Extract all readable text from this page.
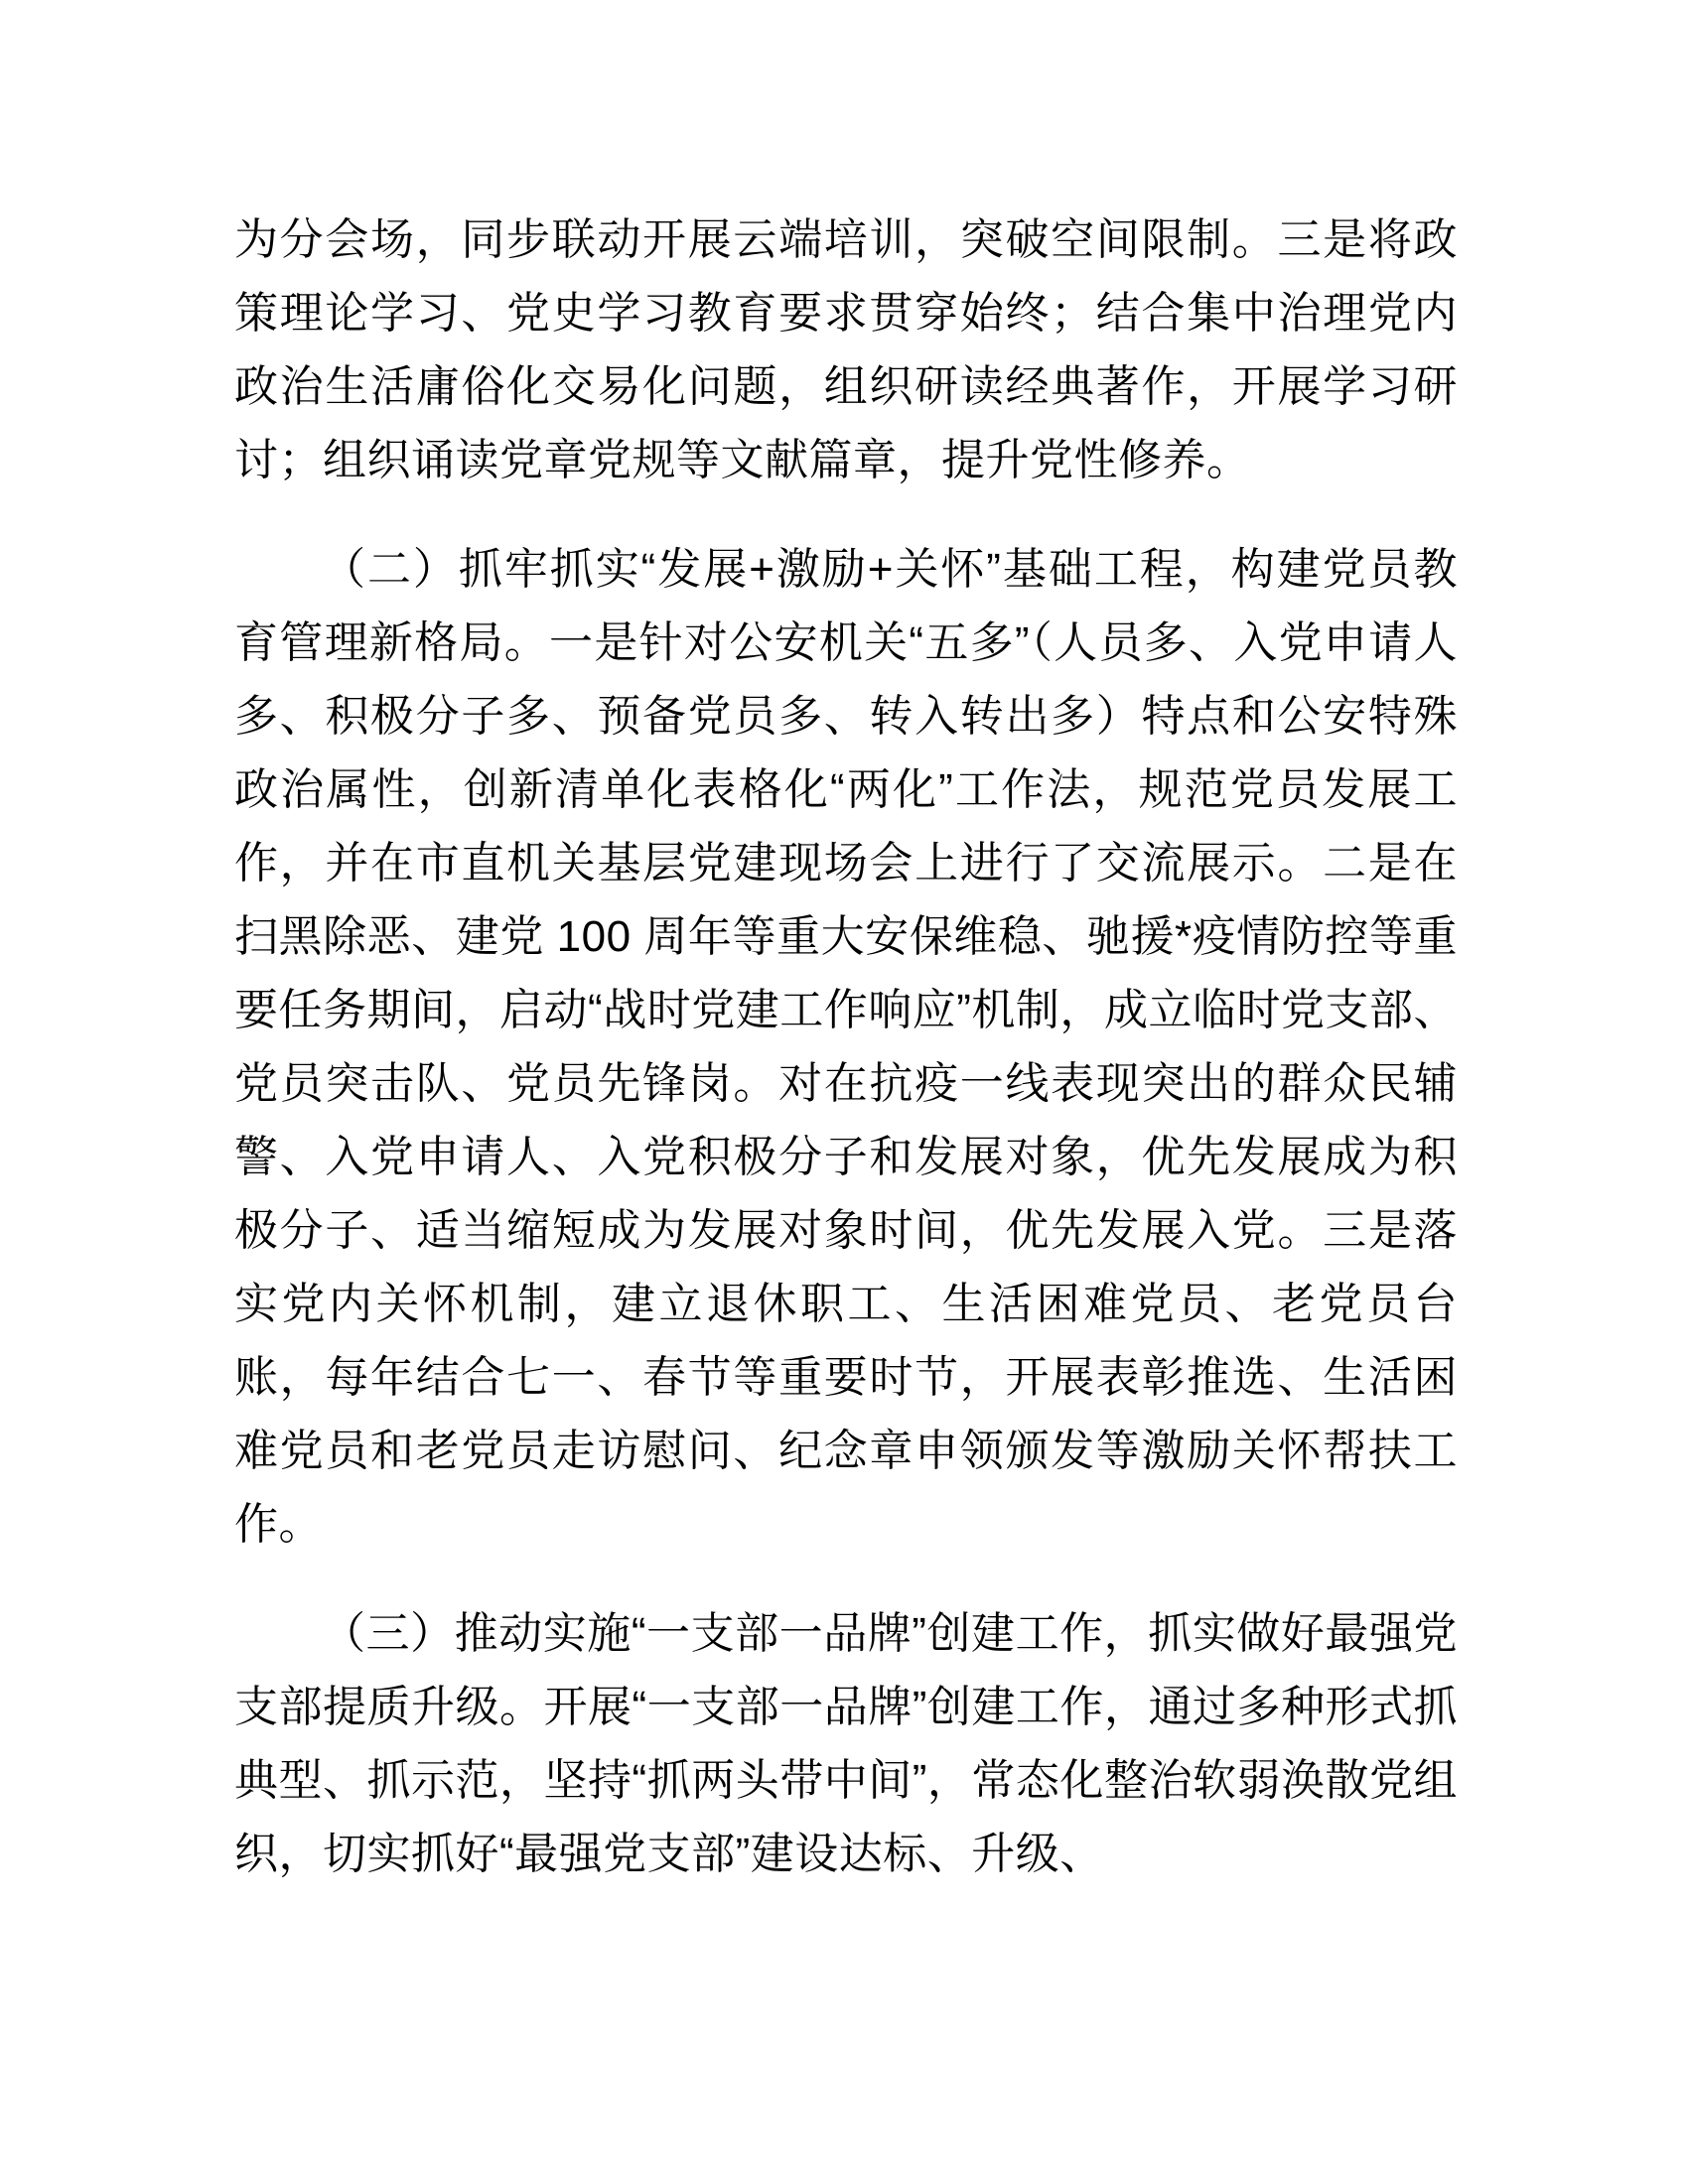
为分会场，同步联动开展云端培训，突破空间限制。三是将政策理论学习、党史学习教育要求贯穿始终；结合集中治理党内政治生活庸俗化交易化问题，组织研读经典著作，开展学习研讨；组织诵读党章党规等文献篇章，提升党性修养。

（二）抓牢抓实“发展+激励+关怀”基础工程，构建党员教育管理新格局。一是针对公安机关“五多”（人员多、入党申请人多、积极分子多、预备党员多、转入转出多）特点和公安特殊政治属性，创新清单化表格化“两化”工作法，规范党员发展工作，并在市直机关基层党建现场会上进行了交流展示。二是在扫黑除恶、建党 100 周年等重大安保维稳、驰援*疫情防控等重要任务期间，启动“战时党建工作响应”机制，成立临时党支部、党员突击队、党员先锋岗。对在抗疫一线表现突出的群众民辅警、入党申请人、入党积极分子和发展对象，优先发展成为积极分子、适当缩短成为发展对象时间，优先发展入党。三是落实党内关怀机制，建立退休职工、生活困难党员、老党员台账，每年结合七一、春节等重要时节，开展表彰推选、生活困难党员和老党员走访慰问、纪念章申领颁发等激励关怀帮扶工作。

（三）推动实施“一支部一品牌”创建工作，抓实做好最强党支部提质升级。开展“一支部一品牌”创建工作，通过多种形式抓典型、抓示范，坚持“抓两头带中间”，常态化整治软弱涣散党组织，切实抓好“最强党支部”建设达标、升级、
